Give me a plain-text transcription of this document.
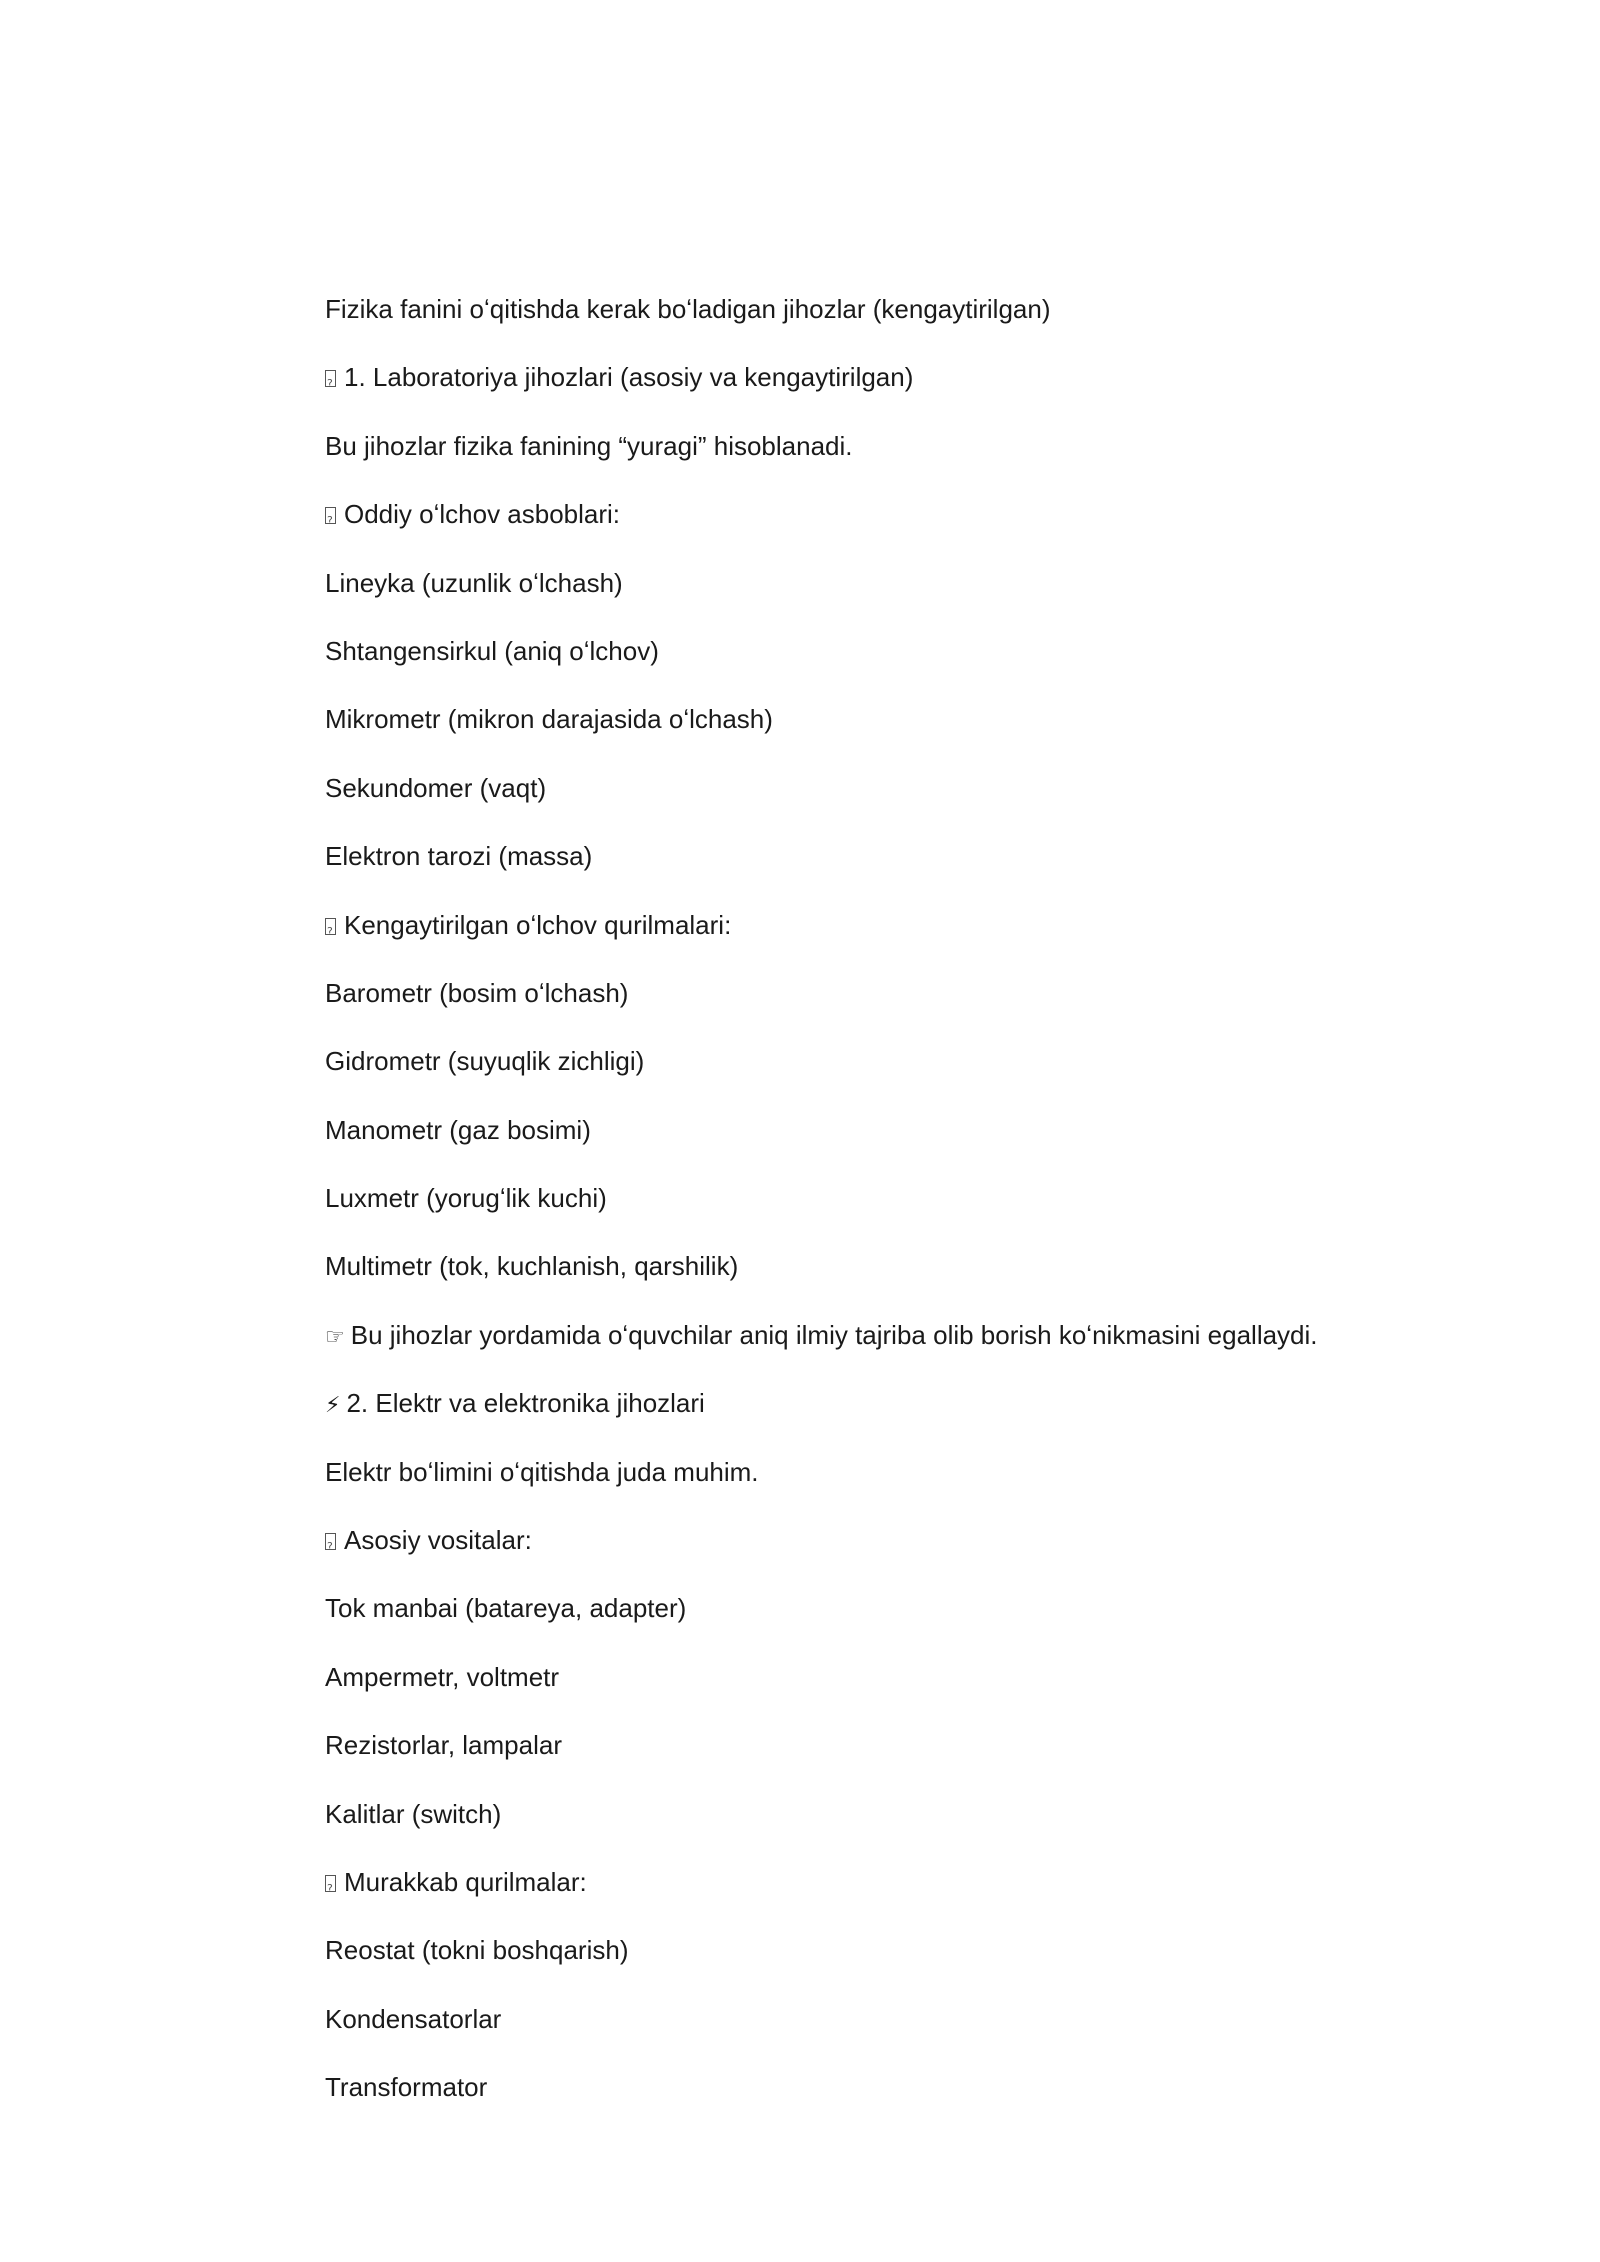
Fizika fanini oʻqitishda kerak boʻladigan jihozlar (kengaytirilgan)

?1. Laboratoriya jihozlari (asosiy va kengaytirilgan)

Bu jihozlar fizika fanining “yuragi” hisoblanadi.

?Oddiy oʻlchov asboblari:

Lineyka (uzunlik oʻlchash)

Shtangensirkul (aniq oʻlchov)

Mikrometr (mikron darajasida oʻlchash)

Sekundomer (vaqt)

Elektron tarozi (massa)

?Kengaytirilgan oʻlchov qurilmalari:

Barometr (bosim oʻlchash)

Gidrometr (suyuqlik zichligi)

Manometr (gaz bosimi)

Luxmetr (yorugʻlik kuchi)

Multimetr (tok, kuchlanish, qarshilik)

☞ Bu jihozlar yordamida oʻquvchilar aniq ilmiy tajriba olib borish koʻnikmasini egallaydi.

⚡ 2. Elektr va elektronika jihozlari

Elektr boʻlimini oʻqitishda juda muhim.

?Asosiy vositalar:

Tok manbai (batareya, adapter)

Ampermetr, voltmetr

Rezistorlar, lampalar

Kalitlar (switch)

?Murakkab qurilmalar:

Reostat (tokni boshqarish)

Kondensatorlar

Transformator
